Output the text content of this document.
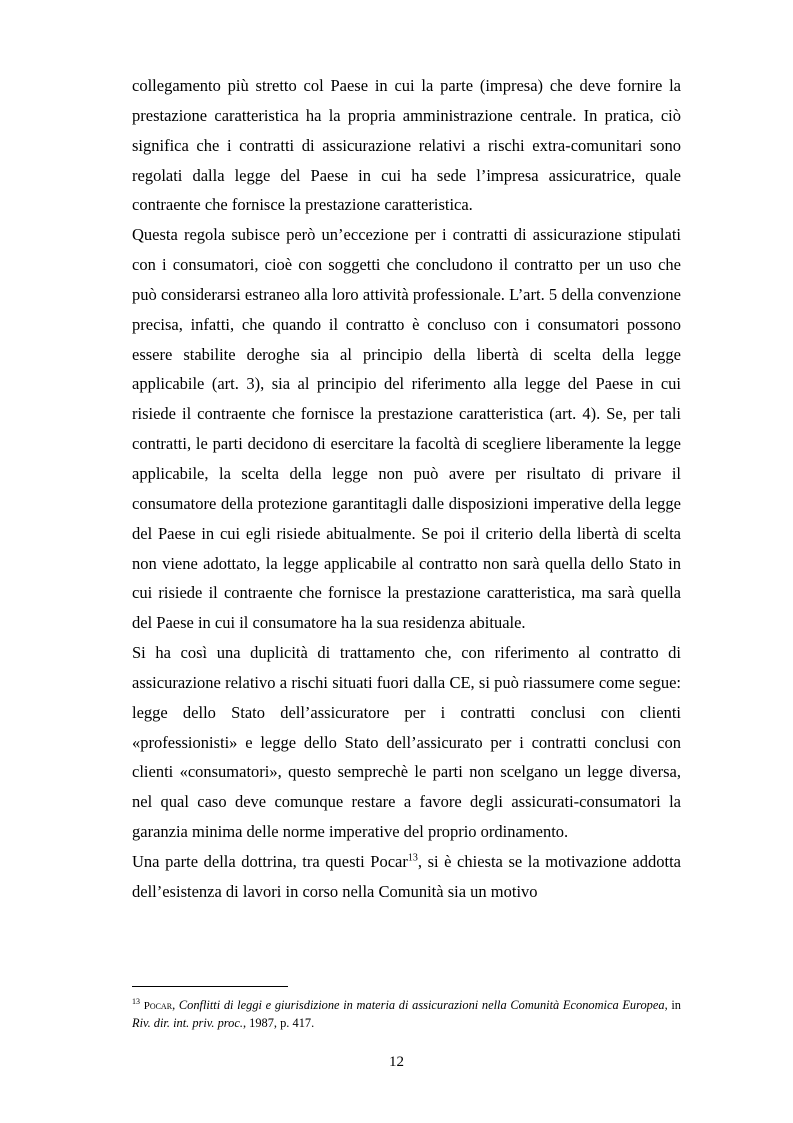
collegamento più stretto col Paese in cui la parte (impresa) che deve fornire la prestazione caratteristica ha la propria amministrazione centrale. In pratica, ciò significa che i contratti di assicurazione relativi a rischi extra-comunitari sono regolati dalla legge del Paese in cui ha sede l’impresa assicuratrice, quale contraente che fornisce la prestazione caratteristica.

Questa regola subisce però un’eccezione per i contratti di assicurazione stipulati con i consumatori, cioè con soggetti che concludono il contratto per un uso che può considerarsi estraneo alla loro attività professionale. L’art. 5 della convenzione precisa, infatti, che quando il contratto è concluso con i consumatori possono essere stabilite deroghe sia al principio della libertà di scelta della legge applicabile (art. 3), sia al principio del riferimento alla legge del Paese in cui risiede il contraente che fornisce la prestazione caratteristica (art. 4). Se, per tali contratti, le parti decidono di esercitare la facoltà di scegliere liberamente la legge applicabile, la scelta della legge non può avere per risultato di privare il consumatore della protezione garantitagli dalle disposizioni imperative della legge del Paese in cui egli risiede abitualmente. Se poi il criterio della libertà di scelta non viene adottato, la legge applicabile al contratto non sarà quella dello Stato in cui risiede il contraente che fornisce la prestazione caratteristica, ma sarà quella del Paese in cui il consumatore ha la sua residenza abituale.

Si ha così una duplicità di trattamento che, con riferimento al contratto di assicurazione relativo a rischi situati fuori dalla CE, si può riassumere come segue: legge dello Stato dell’assicuratore per i contratti conclusi con clienti «professionisti» e legge dello Stato dell’assicurato per i contratti conclusi con clienti «consumatori», questo semprechè le parti non scelgano un legge diversa, nel qual caso deve comunque restare a favore degli assicurati-consumatori la garanzia minima delle norme imperative del proprio ordinamento.

Una parte della dottrina, tra questi Pocar$^{13}$, si è chiesta se la motivazione addotta dell’esistenza di lavori in corso nella Comunità sia un motivo

$^{13}$ Pocar, Conflitti di leggi e giurisdizione in materia di assicurazioni nella Comunità Economica Europea, in Riv. dir. int. priv. proc., 1987, p. 417.
12
